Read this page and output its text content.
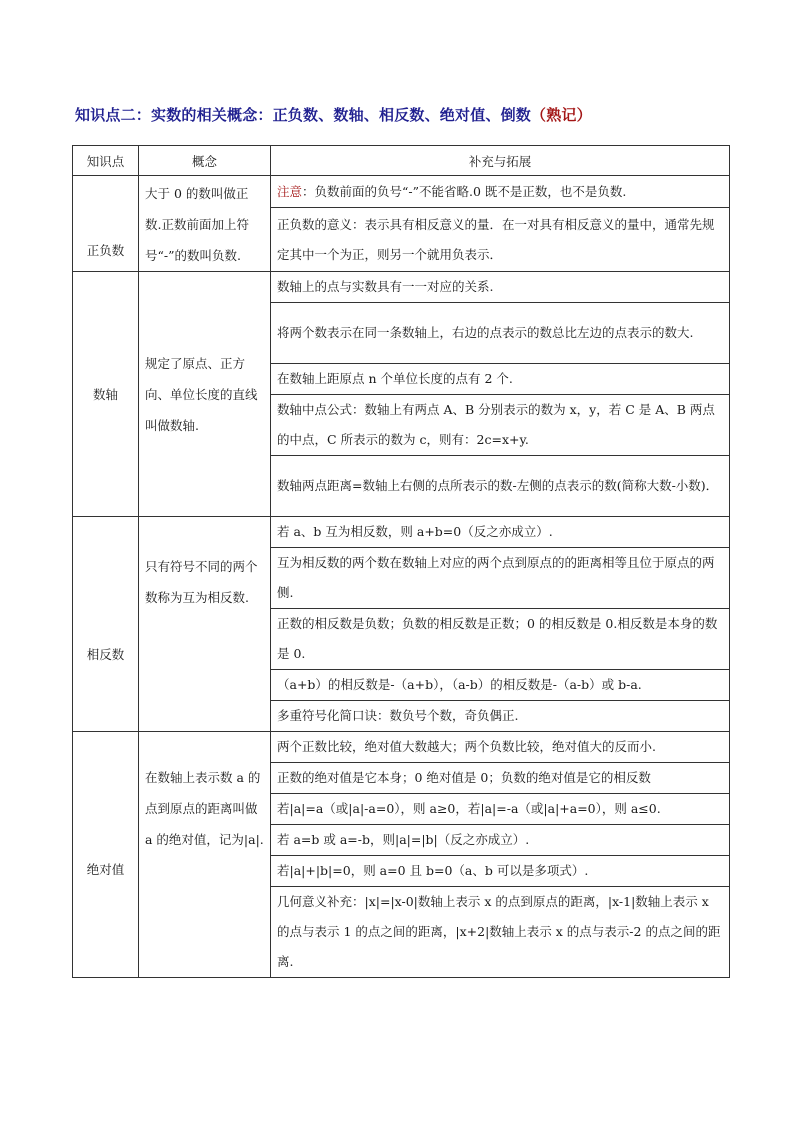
知识点二：实数的相关概念：正负数、数轴、相反数、绝对值、倒数（熟记）
知识点	概念	补充与拓展
正负数	大于 0 的数叫做正数.正数前面加上符号“-”的数叫负数.	注意：负数前面的负号“-”不能省略.0 既不是正数，也不是负数.
		正负数的意义：表示具有相反意义的量．在一对具有相反意义的量中，通常先规定其中一个为正，则另一个就用负表示．
数轴	规定了原点、正方向、单位长度的直线叫做数轴.	数轴上的点与实数具有一一对应的关系.
		将两个数表示在同一条数轴上，右边的点表示的数总比左边的点表示的数大.
		在数轴上距原点 n 个单位长度的点有 2 个.
		数轴中点公式：数轴上有两点 A、B 分别表示的数为 x，y，若 C 是 A、B 两点的中点，C 所表示的数为 c，则有：2c=x+y.
		数轴两点距离=数轴上右侧的点所表示的数-左侧的点表示的数(简称大数-小数)．
相反数	只有符号不同的两个数称为互为相反数.	若 a、b 互为相反数，则 a+b=0（反之亦成立）.
		互为相反数的两个数在数轴上对应的两个点到原点的的距离相等且位于原点的两侧.
		正数的相反数是负数；负数的相反数是正数；0 的相反数是 0.相反数是本身的数是 0.
		（a+b）的相反数是-（a+b），（a-b）的相反数是-（a-b）或 b-a.
		多重符号化简口诀：数负号个数，奇负偶正.
绝对值	在数轴上表示数 a 的点到原点的距离叫做 a 的绝对值，记为|a|.	两个正数比较，绝对值大数越大；两个负数比较，绝对值大的反而小.
		正数的绝对值是它本身；0 绝对值是 0；负数的绝对值是它的相反数
		若|a|=a（或|a|-a=0），则 a≥0，若|a|=-a（或|a|+a=0），则 a≤0.
		若 a=b 或 a=-b，则|a|=|b|（反之亦成立）.
		若|a|+|b|=0，则 a=0 且 b=0（a、b 可以是多项式）.
		几何意义补充：|x|=|x-0|数轴上表示 x 的点到原点的距离，|x-1|数轴上表示 x 的点与表示 1 的点之间的距离，|x+2|数轴上表示 x 的点与表示-2 的点之间的距离.
